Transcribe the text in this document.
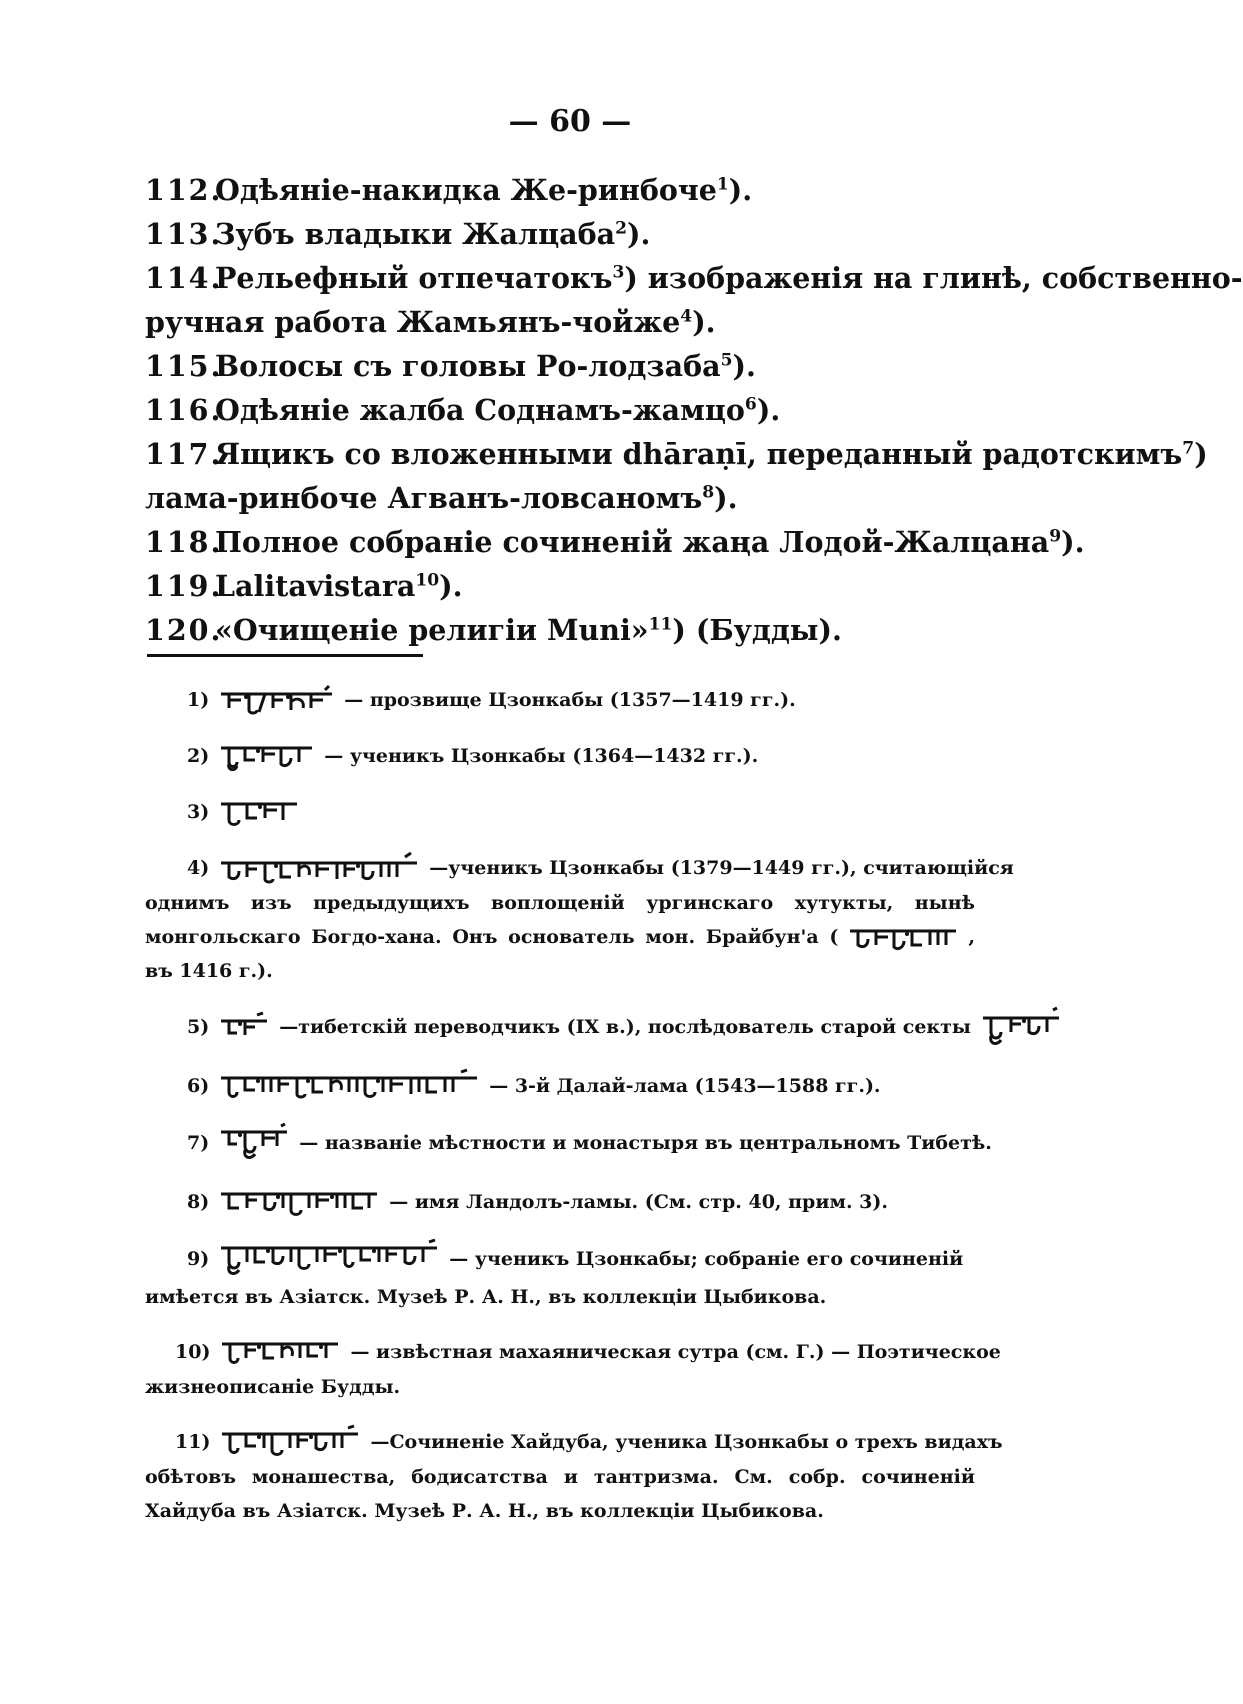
— 60 —
112.Одѣяніе-накидка Же-ринбоче$^1$).
113.Зубъ владыки Жалцаба$^2$).
114.Рельефный отпечатокъ$^3$) изображенія на глинѣ, собственно-
ручная работа Жамьянъ-чойже$^4$).
115.Волосы съ головы Ро-лодзаба$^5$).
116.Одѣяніе жалба Соднамъ-жамцо$^6$).
117.Ящикъ со вложенными dhāraṇī, переданный радотскимъ$^7$)
лама-ринбоче Агванъ-ловсаномъ$^8$).
118.Полное собраніе сочиненій жаңа Лодой-Жалцана$^9$).
119.Lalitavistara$^{10}$).
120.«Очищеніе религіи Muni»$^{11}$) (Будды).
1)	— прозвище Цзонкабы (1357—1419 гг.).
2)	— ученикъ Цзонкабы (1364—1432 гг.).
3)
4)	—ученикъ Цзонкабы (1379—1449 гг.), считающійся
однимъ изъ предыдущихъ воплощеній ургинскаго хутукты, нынѣ монгольскаго Богдо-хана. Онъ основатель мон. Брайбун'а (	, въ 1416 г.).
5)	—тибетскій переводчикъ (IX в.), послѣдователь старой секты
6)	— 3-й Далай-лама (1543—1588 гг.).
7)	— названіе мѣстности и монастыря въ центральномъ Тибетѣ.
8)	— имя Ландолъ-ламы. (См. стр. 40, прим. 3).
9)	— ученикъ Цзонкабы; собраніе его сочиненій
имѣется въ Азіатск. Музеѣ Р. А. Н., въ коллекціи Цыбикова.
10)	— извѣстная махаяническая сутра (см. Г.) — Поэтическое
жизнеописаніе Будды.
11)	—Сочиненіе Хайдуба, ученика Цзонкабы о трехъ видахъ
обѣтовъ монашества, бодисатства и тантризма. См. собр. сочиненій Хайдуба въ Азіатск. Музеѣ Р. А. Н., въ коллекціи Цыбикова.
